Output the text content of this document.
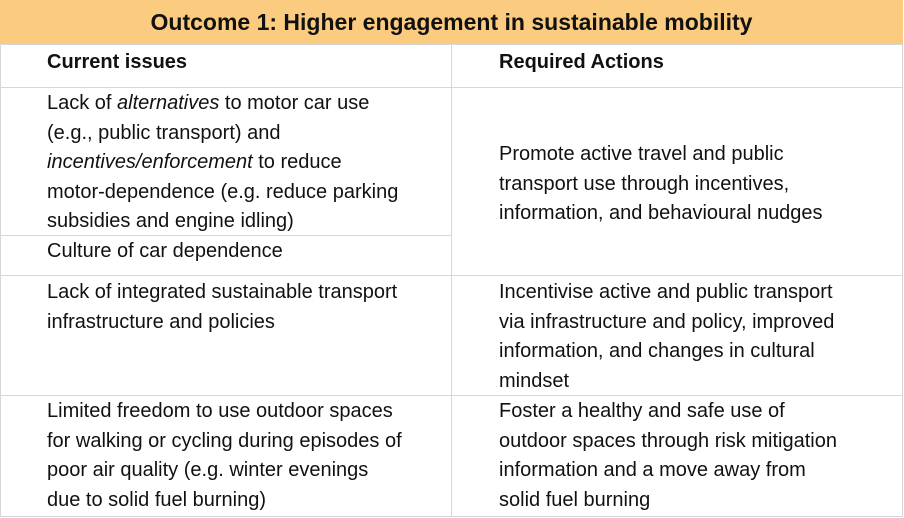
Outcome 1: Higher engagement in sustainable mobility
Current issues	Required Actions
Lack of alternatives to motor car use
(e.g., public transport) and
incentives/enforcement to reduce
motor-dependence (e.g. reduce parking
subsidies and engine idling)
Culture of car dependence
Promote active travel and public
transport use through incentives,
information, and behavioural nudges
Lack of integrated sustainable transport
infrastructure and policies
Incentivise active and public transport
via infrastructure and policy, improved
information, and changes in cultural
mindset
Limited freedom to use outdoor spaces
for walking or cycling during episodes of
poor air quality (e.g. winter evenings
due to solid fuel burning)
Foster a healthy and safe use of
outdoor spaces through risk mitigation
information and a move away from
solid fuel burning
